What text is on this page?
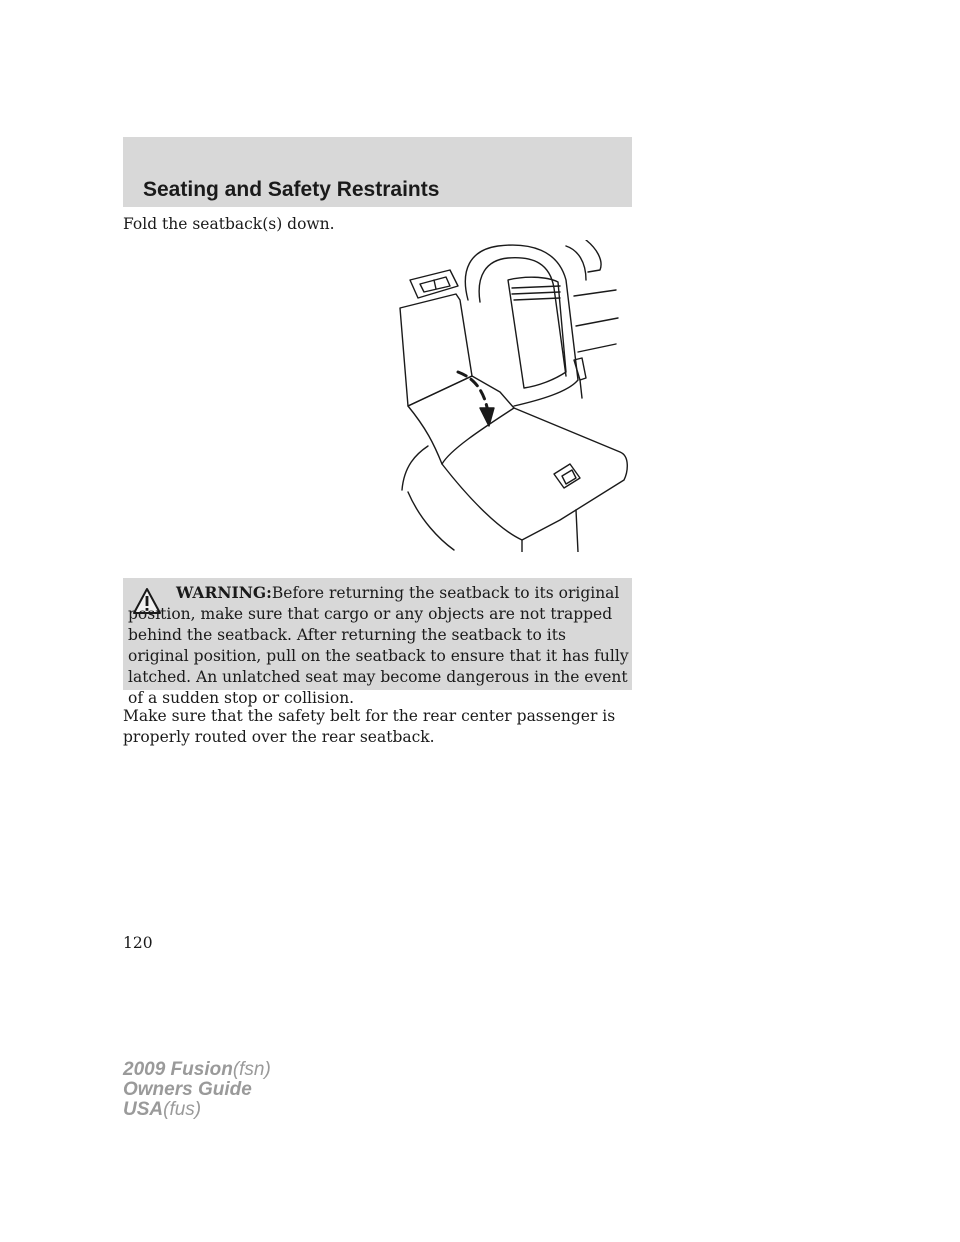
Seating and Safety Restraints
Fold the seatback(s) down.
WARNING:Before returning the seatback to its original position, make sure that cargo or any objects are not trapped behind the seatback. After returning the seatback to its original position, pull on the seatback to ensure that it has fully latched. An unlatched seat may become dangerous in the event of a sudden stop or collision.
Make sure that the safety belt for the rear center passenger is properly routed over the rear seatback.
120
2009 Fusion(fsn)
Owners Guide
USA(fus)
